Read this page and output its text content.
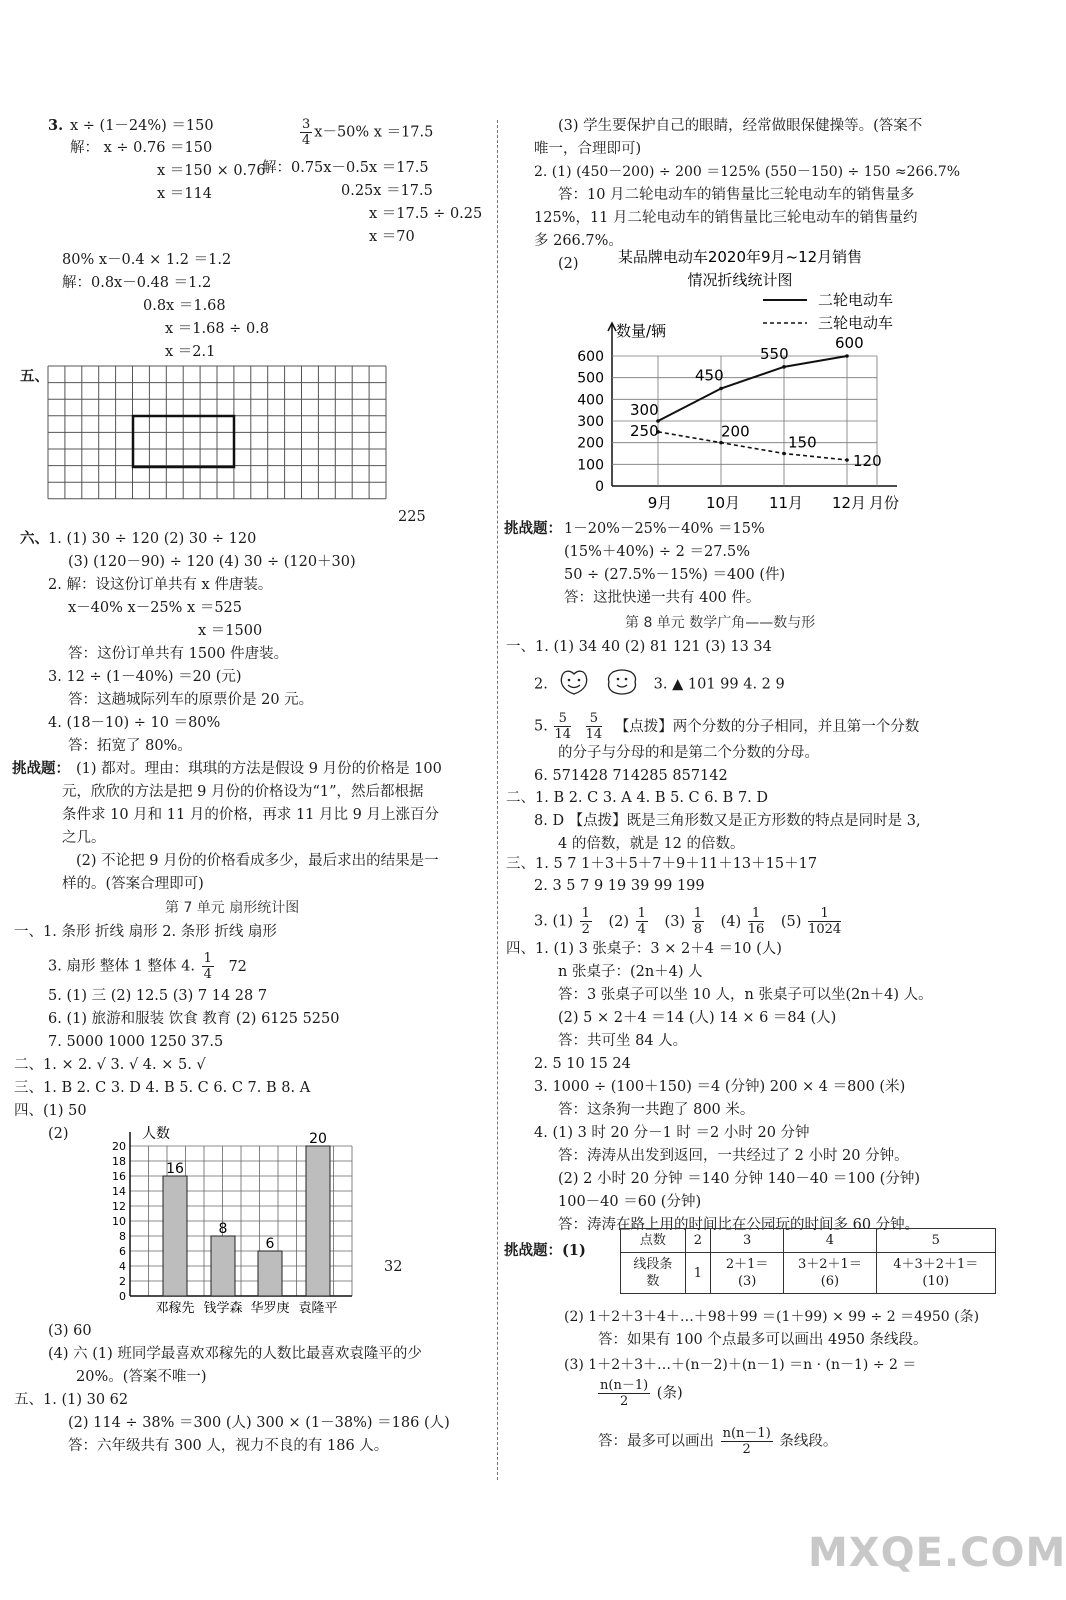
3. x ÷ (1－24%) ＝150
解： x ÷ 0.76 ＝150
x ＝150 × 0.76
x ＝114
$\frac{3}{4} x-50\%$ x ＝17.5
解：0.75x－0.5x ＝17.5
0.25x ＝17.5
x ＝17.5 ÷ 0.25
x ＝70
80% x－0.4 × 1.2 ＝1.2
解：0.8x－0.48 ＝1.2
0.8x ＝1.68
x ＝1.68 ÷ 0.8
x ＝2.1
五、
225
六、 1. (1) 30 ÷ 120 (2) 30 ÷ 120
(3) (120－90) ÷ 120 (4) 30 ÷ (120＋30)
2. 解：设这份订单共有 x 件唐装。
x－40% x－25% x ＝525
x ＝1500
答：这份订单共有 1500 件唐装。
3. 12 ÷ (1－40%) ＝20 (元)
答：这趟城际列车的原票价是 20 元。
4. (18－10) ÷ 10 ＝80%
答：拓宽了 80%。
挑战题： (1) 都对。理由：琪琪的方法是假设 9 月份的价格是 100
元，欣欣的方法是把 9 月份的价格设为“1”，然后都根据
条件求 10 月和 11 月的价格，再求 11 月比 9 月上涨百分
之几。
(2) 不论把 9 月份的价格看成多少，最后求出的结果是一
样的。(答案合理即可)
第 7 单元 扇形统计图
一、1. 条形 折线 扇形 2. 条形 折线 扇形
3. 扇形 整体 1 整体 4. $\frac{1}{4} 72$
5. (1) 三 (2) 12.5 (3) 7 14 28 7
6. (1) 旅游和服装 饮食 教育 (2) 6125 5250
7. 5000 1000 1250 37.5
二、1. × 2. √ 3. √ 4. × 5. √
三、1. B 2. C 3. D 4. B 5. C 6. C 7. B 8. A
四、(1) 50
(2)	人数
0
2
4
6
8
10
12
14
16
18
20
16
邓稼先
8
钱学森
6
华罗庚
20
袁隆平
32
(3) 60
(4) 六 (1) 班同学最喜欢邓稼先的人数比最喜欢袁隆平的少
20%。(答案不唯一)
五、1. (1) 30 62
(2) 114 ÷ 38% ＝300 (人) 300 × (1－38%) ＝186 (人)
答：六年级共有 300 人，视力不良的有 186 人。
(3) 学生要保护自己的眼睛，经常做眼保健操等。(答案不
唯一，合理即可)
2. (1) (450－200) ÷ 200 ＝125% (550－150) ÷ 150 ≈266.7%
答：10 月二轮电动车的销售量比三轮电动车的销售量多
125%，11 月二轮电动车的销售量比三轮电动车的销售量约
多 266.7%。
(2)	某品牌电动车2020年9月~12月销售
情况折线统计图
二轮电动车
三轮电动车
数量/辆
0
100
200
300
400
500
600
9月 10月 11月 12月 月份
300
450
550
600
250	200
150
120
挑战题： 1－20%－25%－40% ＝15%
(15%＋40%) ÷ 2 ＝27.5%
50 ÷ (27.5%－15%) ＝400 (件)
答：这批快递一共有 400 件。
第 8 单元 数学广角——数与形
一、1. (1) 34 40 (2) 81 121 (3) 13 34
2.	3. ▲ 101 99 4. 2 9
5. $\frac{5}{14}$
$\frac{5}{14}$ 【点拨】两个分数的分子相同，并且第一个分数
的分子与分母的和是第二个分数的分母。
6. 571428 714285 857142
二、1. B 2. C 3. A 4. B 5. C 6. B 7. D
8. D 【点拨】既是三角形数又是正方形数的特点是同时是 3,
4 的倍数，就是 12 的倍数。
三、1. 5 7 1＋3＋5＋7＋9＋11＋13＋15＋17
2. 3 5 7 9 19 39 99 199
3. $(1) \frac{1}{2} (2) \frac{1}{4} (3) \frac{1}{8} (4) \frac{1}{16} (5) \frac{1}{1024}$
四、1. (1) 3 张桌子：3 × 2＋4 ＝10 (人)
n 张桌子：(2n＋4) 人
答：3 张桌子可以坐 10 人，n 张桌子可以坐(2n＋4) 人。
(2) 5 × 2＋4 ＝14 (人) 14 × 6 ＝84 (人)
答：共可坐 84 人。
2. 5 10 15 24
3. 1000 ÷ (100＋150) ＝4 (分钟) 200 × 4 ＝800 (米)
答：这条狗一共跑了 800 米。
4. (1) 3 时 20 分－1 时 ＝2 小时 20 分钟
答：涛涛从出发到返回，一共经过了 2 小时 20 分钟。
(2) 2 小时 20 分钟 ＝140 分钟 140－40 ＝100 (分钟)
100－40 ＝60 (分钟)
答：涛涛在路上用的时间比在公园玩的时间多 60 分钟。
挑战题：(1)
点数	2	3	4	5
线段条数	1	2＋1＝(3)	3＋2＋1＝(6)	4＋3＋2＋1＝(10)
(2) 1＋2＋3＋4＋…＋98＋99 ＝(1＋99) × 99 ÷ 2 ＝4950 (条)
答：如果有 100 个点最多可以画出 4950 条线段。
(3) 1＋2＋3＋…＋(n－2)＋(n－1) ＝n · (n－1) ÷ 2 ＝
$\frac{n(n-1)}{2}$ (条)
答：最多可以画出 $\frac{n(n-1)}{2}$ 条线段。
MXQE.COM
